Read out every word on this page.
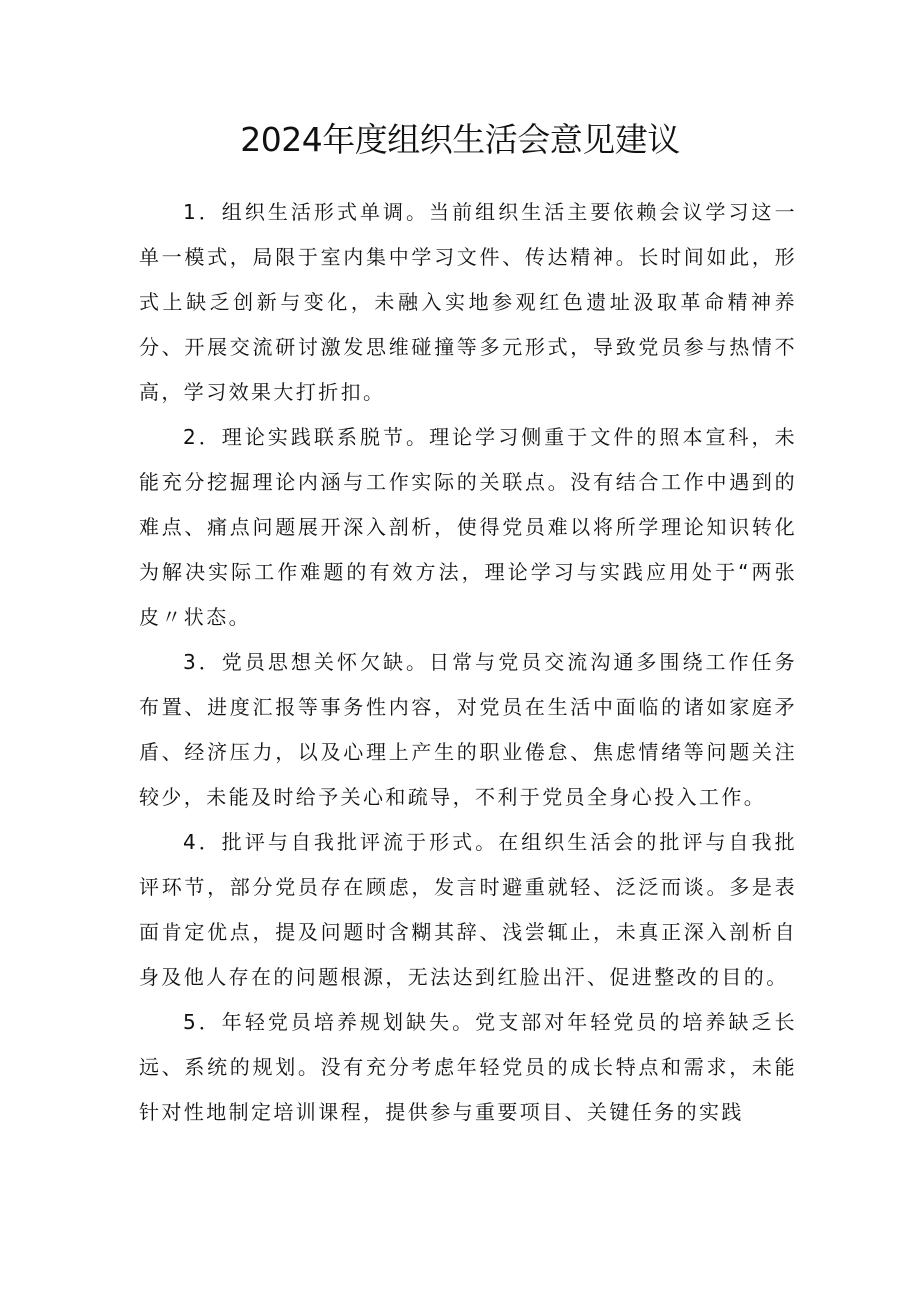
2024年度组织生活会意见建议

1．组织生活形式单调。当前组织生活主要依赖会议学习这一单一模式，局限于室内集中学习文件、传达精神。长时间如此，形式上缺乏创新与变化，未融入实地参观红色遗址汲取革命精神养分、开展交流研讨激发思维碰撞等多元形式，导致党员参与热情不高，学习效果大打折扣。

2．理论实践联系脱节。理论学习侧重于文件的照本宣科，未能充分挖掘理论内涵与工作实际的关联点。没有结合工作中遇到的难点、痛点问题展开深入剖析，使得党员难以将所学理论知识转化为解决实际工作难题的有效方法，理论学习与实践应用处于“两张皮〃状态。

3．党员思想关怀欠缺。日常与党员交流沟通多围绕工作任务布置、进度汇报等事务性内容，对党员在生活中面临的诸如家庭矛盾、经济压力，以及心理上产生的职业倦怠、焦虑情绪等问题关注较少，未能及时给予关心和疏导，不利于党员全身心投入工作。

4．批评与自我批评流于形式。在组织生活会的批评与自我批评环节，部分党员存在顾虑，发言时避重就轻、泛泛而谈。多是表面肯定优点，提及问题时含糊其辞、浅尝辄止，未真正深入剖析自身及他人存在的问题根源，无法达到红脸出汗、促进整改的目的。

5．年轻党员培养规划缺失。党支部对年轻党员的培养缺乏长远、系统的规划。没有充分考虑年轻党员的成长特点和需求，未能针对性地制定培训课程，提供参与重要项目、关键任务的实践
